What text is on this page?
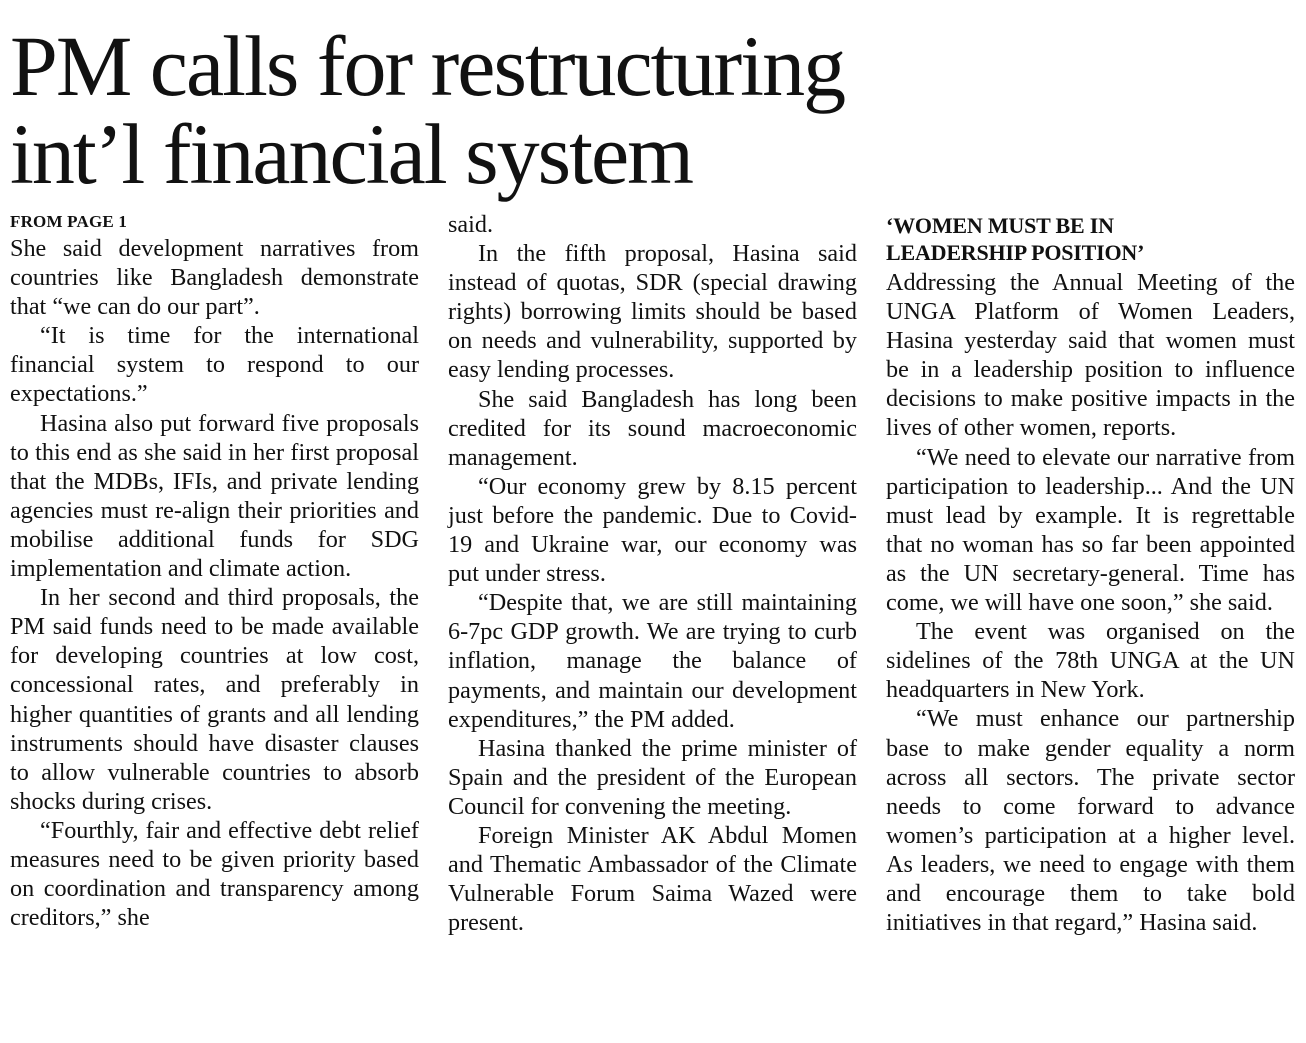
PM calls for restructuring
int’l financial system
FROM PAGE 1

She said development narratives from countries like Bangladesh demonstrate that “we can do our part”.

“It is time for the international financial system to respond to our expectations.”

Hasina also put forward five proposals to this end as she said in her first proposal that the MDBs, IFIs, and private lending agencies must re-align their priorities and mobilise additional funds for SDG implementation and climate action.

In her second and third proposals, the PM said funds need to be made available for developing countries at low cost, concessional rates, and preferably in higher quantities of grants and all lending instruments should have disaster clauses to allow vulnerable countries to absorb shocks during crises.

“Fourthly, fair and effective debt relief measures need to be given priority based on coordination and transparency among creditors,” she

said.

In the fifth proposal, Hasina said instead of quotas, SDR (special drawing rights) borrowing limits should be based on needs and vulnerability, supported by easy lending processes.

She said Bangladesh has long been credited for its sound macroeconomic management.

“Our economy grew by 8.15 percent just before the pandemic. Due to Covid-19 and Ukraine war, our economy was put under stress.

“Despite that, we are still maintaining 6-7pc GDP growth. We are trying to curb inflation, manage the balance of payments, and maintain our development expenditures,” the PM added.

Hasina thanked the prime minister of Spain and the president of the European Council for convening the meeting.

Foreign Minister AK Abdul Momen and Thematic Ambassador of the Climate Vulnerable Forum Saima Wazed were present.

‘WOMEN MUST BE IN
LEADERSHIP POSITION’

Addressing the Annual Meeting of the UNGA Platform of Women Leaders, Hasina yesterday said that women must be in a leadership position to influence decisions to make positive impacts in the lives of other women, reports.

“We need to elevate our narrative from participation to leadership... And the UN must lead by example. It is regrettable that no woman has so far been appointed as the UN secretary-general. Time has come, we will have one soon,” she said.

The event was organised on the sidelines of the 78th UNGA at the UN headquarters in New York.

“We must enhance our partnership base to make gender equality a norm across all sectors. The private sector needs to come forward to advance women’s participation at a higher level. As leaders, we need to engage with them and encourage them to take bold initiatives in that regard,” Hasina said.
